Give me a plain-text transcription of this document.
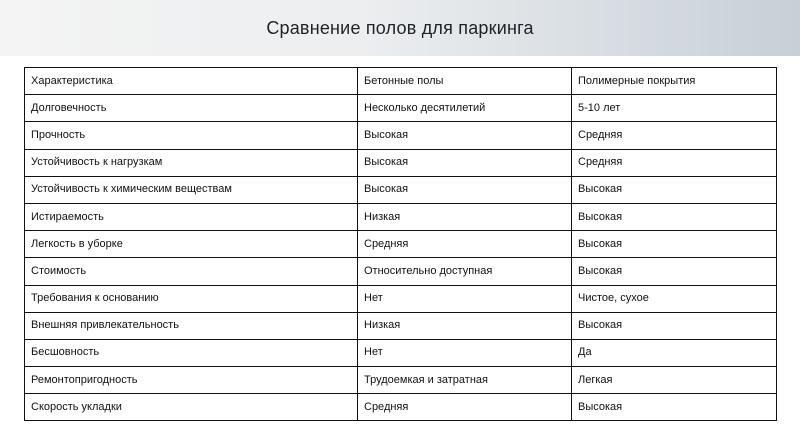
Сравнение полов для паркинга
Характеристика	Бетонные полы	Полимерные покрытия
Долговечность	Несколько десятилетий	5-10 лет
Прочность	Высокая	Средняя
Устойчивость к нагрузкам	Высокая	Средняя
Устойчивость к химическим веществам	Высокая	Высокая
Истираемость	Низкая	Высокая
Легкость в уборке	Средняя	Высокая
Стоимость	Относительно доступная	Высокая
Требования к основанию	Нет	Чистое, сухое
Внешняя привлекательность	Низкая	Высокая
Бесшовность	Нет	Да
Ремонтопригодность	Трудоемкая и затратная	Легкая
Скорость укладки	Средняя	Высокая
